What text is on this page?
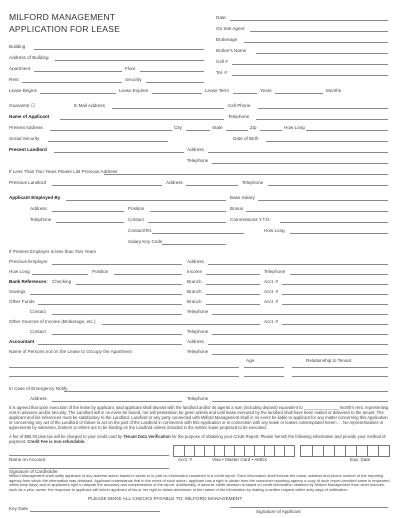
MILFORD MANAGEMENT
APPLICATION FOR LEASE
Date
On Site Agent
Brokerage
Broker's Name
Cell #
Tel. #
Building
Address of Building
Apartment	Floor
Rent	Security
Lease Begins	Lease Expires	Lease Term	Years	Months
Guarantor ☐	E-Mail Address	Cell Phone
Name of Applicant	Telephone
Present Address	City	State	Zip	How Long
Social Security	Date of Birth
Present Landlord	Address
Telephone
If Less Than Two Years Please List Previous Address
Previous Landlord	Address	Telephone
Applicant Employed By	Base Salary
Address	Position	Bonus
Telephone	Contact	Commissions Y.T.D.
Contact/Tel.	How Long
Salary Key Code
If Present Employer is less than Two Years
Previous Employer	Address
How Long	Position	Income	Telephone
Bank References: Checking	Branch	Acct. #
Savings	Branch	Acct. #
Other Funds	Branch	Acct. #
Contact	Telephone
Other Sources of Income (Brokerage, etc.)	Acct. #
Contact	Telephone
Accountant	Address
Name of Persons not on the Lease to Occupy the Apartment	Telephone
Age	Relationship to Tenant
In Case of Emergency Notify
Address	Telephone
It is agreed that upon execution of the lease by applicant, said applicant shall deposit with the landlord and/or its agents a sum (including deposit) equivalent to _______________ month's rent, representing rent in advance and/or security. The Landlord will in no event be bound, nor will possession be given unless and until lease executed by the landlord shall have been mailed or delivered to the tenant. The applicant and his references must be satisfactory to the Landlord. Landlord or any party connected with Milford Management shall in no event be liable to applicant for any matter concerning this Application or concerning any act of the Landlord or failure to act on the part of the Landlord in connection with this Application or in connection with any lease or leases contemplated herein … No representations or agreements by salesmen, brokers or others are to be binding on the Landlord unless included in the written lease proposed to be executed.
A fee of $85.00 plus tax will be charged to your credit card by Tenant Data Verification for the purpose of obtaining your Credit Report. Please furnish the following information and provide your method of payment. Credit Fee is non-refundable.
Name on Account	Acct. #	Visa • Master Card • AMEX	Exp. Date
Signature of Cardholder
Milford Management shall notify applicant of any adverse action based in whole or in part on information contained in a credit report. Such information shall include the name, address and phone number of the reporting agency from which the information was obtained. Applicant understands that in the event of such action, applicant has a right to obtain from the consumer reporting agency a copy of such report provided same is requested within sixty days) and of applicant's right to dispute the accuracy and completeness of the report. Additionally, if adverse credit decision is based on credit information obtained by Milford Management from other sources, such as a prior owner, the response to applicant will inform applicant of his or her right to obtain disclosure of the nature of the information by making a written request within sixty days of notification.
PLEASE MAKE ALL CHECKS PAYABLE TO: MILFORD MANAGEMENT
Key Date
Signature of Applicant
